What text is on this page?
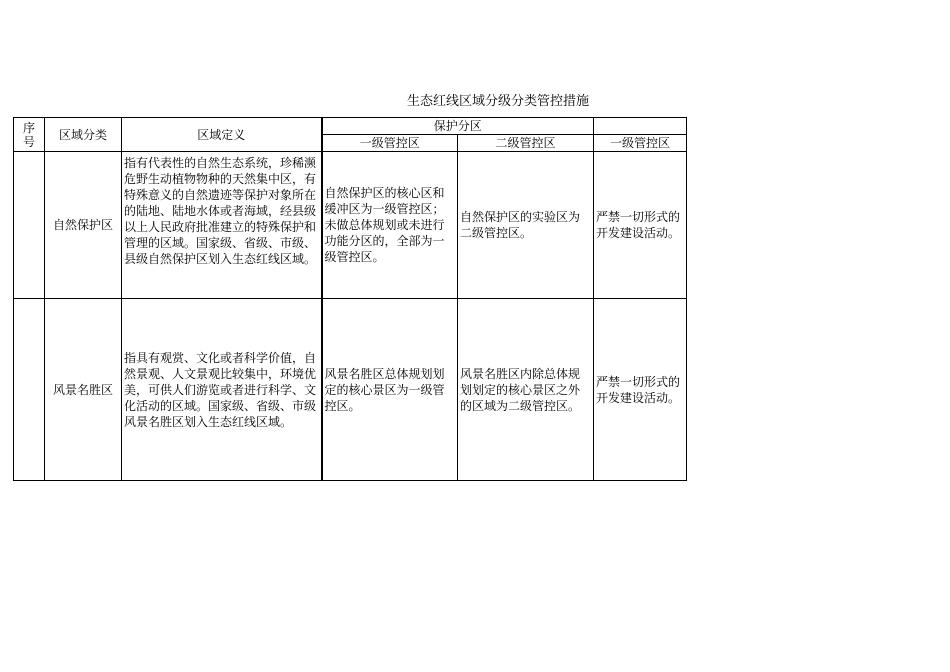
生态红线区域分级分类管控措施
序
号	区域分类	区域定义	保护分区		
			一级管控区	二级管控区	一级管控区
	自然保护区	指有代表性的自然生态系统，珍稀濒危野生动植物物种的天然集中区，有特殊意义的自然遗迹等保护对象所在的陆地、陆地水体或者海域，经县级以上人民政府批准建立的特殊保护和管理的区域。国家级、省级、市级、县级自然保护区划入生态红线区域。	自然保护区的核心区和缓冲区为一级管控区；未做总体规划或未进行功能分区的，全部为一级管控区。	自然保护区的实验区为二级管控区。	严禁一切形式的开发建设活动。
	风景名胜区	指具有观赏、文化或者科学价值，自然景观、人文景观比较集中，环境优美，可供人们游览或者进行科学、文化活动的区域。国家级、省级、市级风景名胜区划入生态红线区域。	风景名胜区总体规划划定的核心景区为一级管控区。	风景名胜区内除总体规划划定的核心景区之外的区域为二级管控区。	严禁一切形式的开发建设活动。
